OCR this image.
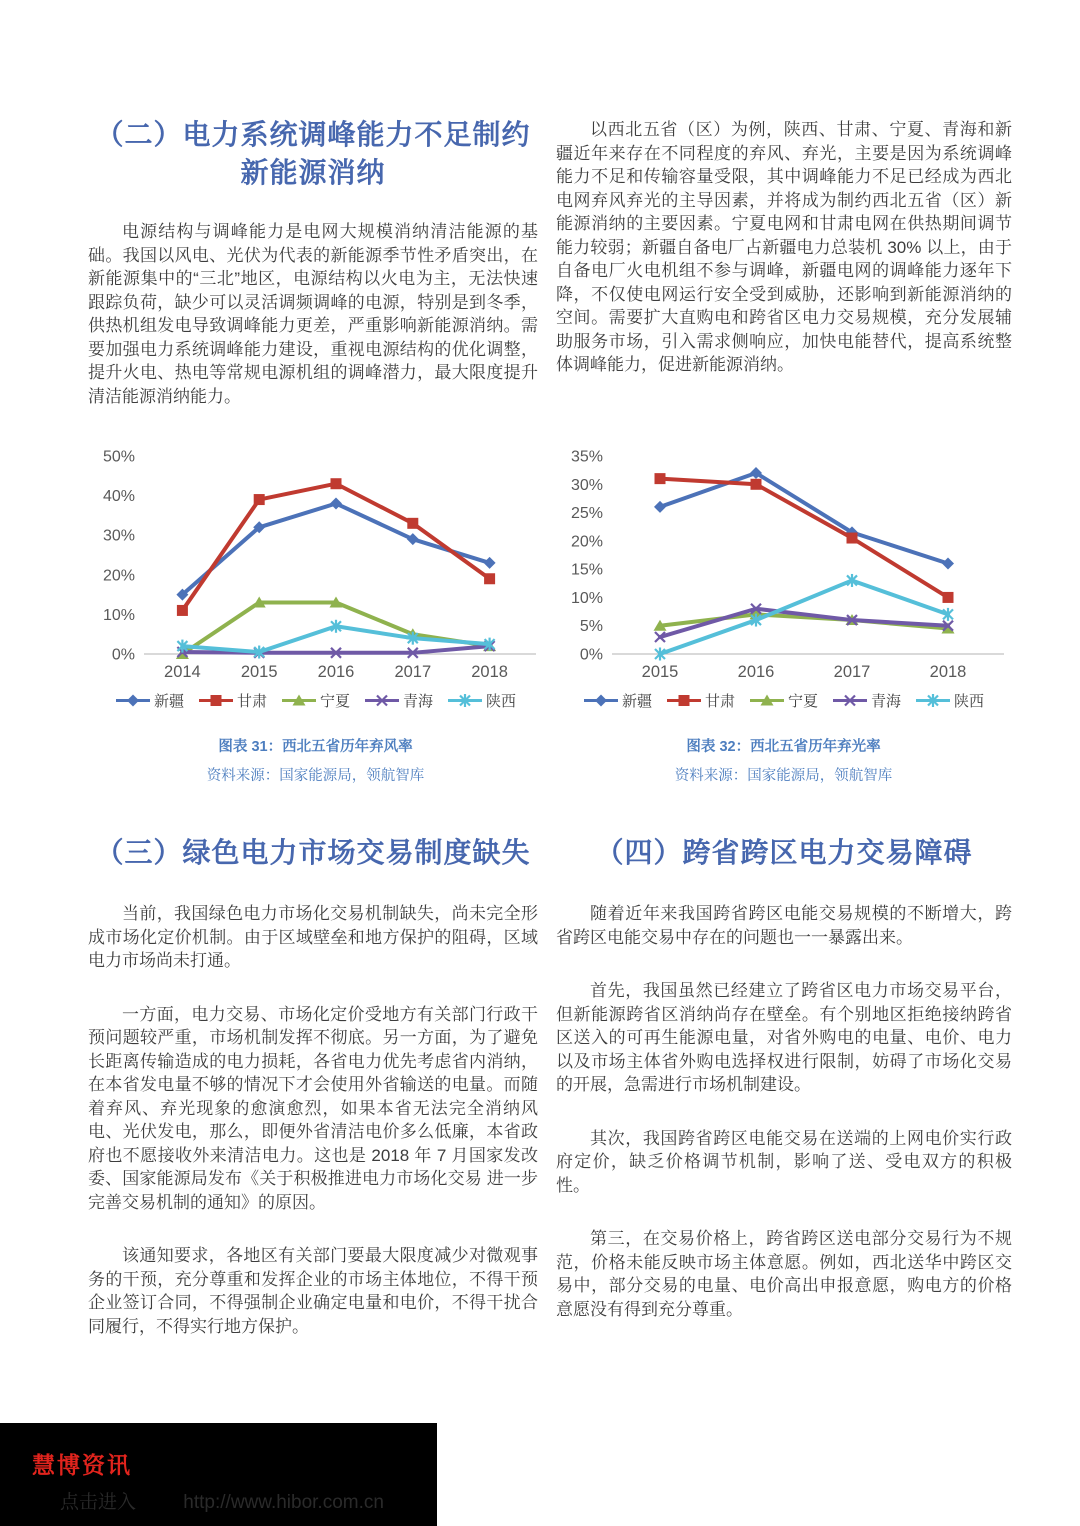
（二）电力系统调峰能力不足制约新能源消纳

电源结构与调峰能力是电网大规模消纳清洁能源的基础。我国以风电、光伏为代表的新能源季节性矛盾突出，在新能源集中的“三北”地区，电源结构以火电为主，无法快速跟踪负荷，缺少可以灵活调频调峰的电源，特别是到冬季，供热机组发电导致调峰能力更差，严重影响新能源消纳。需要加强电力系统调峰能力建设，重视电源结构的优化调整，提升火电、热电等常规电源机组的调峰潜力，最大限度提升清洁能源消纳能力。

以西北五省（区）为例，陕西、甘肃、宁夏、青海和新疆近年来存在不同程度的弃风、弃光，主要是因为系统调峰能力不足和传输容量受限，其中调峰能力不足已经成为西北电网弃风弃光的主导因素，并将成为制约西北五省（区）新能源消纳的主要因素。宁夏电网和甘肃电网在供热期间调节能力较弱；新疆自备电厂占新疆电力总装机 30% 以上，由于自备电厂火电机组不参与调峰，新疆电网的调峰能力逐年下降，不仅使电网运行安全受到威胁，还影响到新能源消纳的空间。需要扩大直购电和跨省区电力交易规模，充分发展辅助服务市场，引入需求侧响应，加快电能替代，提高系统整体调峰能力，促进新能源消纳。

0%
10%
20%
30%
40%
50%
2014 2015 2016 2017 2018
新疆	甘肃	宁夏	青海	陕西
图表 31：西北五省历年弃风率
资料来源：国家能源局，领航智库
0%
5%
10%
15%
20%
25%
30%
35%
2015	2016	2017	2018
新疆	甘肃	宁夏	青海	陕西
图表 32：西北五省历年弃光率
资料来源：国家能源局，领航智库
（三）绿色电力市场交易制度缺失

当前，我国绿色电力市场化交易机制缺失，尚未完全形成市场化定价机制。由于区域壁垒和地方保护的阻碍，区域电力市场尚未打通。

一方面，电力交易、市场化定价受地方有关部门行政干预问题较严重，市场机制发挥不彻底。另一方面，为了避免长距离传输造成的电力损耗，各省电力优先考虑省内消纳，在本省发电量不够的情况下才会使用外省输送的电量。而随着弃风、弃光现象的愈演愈烈，如果本省无法完全消纳风电、光伏发电，那么，即便外省清洁电价多么低廉，本省政府也不愿接收外来清洁电力。这也是 2018 年 7 月国家发改委、国家能源局发布《关于积极推进电力市场化交易 进一步完善交易机制的通知》的原因。

该通知要求，各地区有关部门要最大限度减少对微观事务的干预，充分尊重和发挥企业的市场主体地位，不得干预企业签订合同，不得强制企业确定电量和电价，不得干扰合同履行，不得实行地方保护。

（四）跨省跨区电力交易障碍

随着近年来我国跨省跨区电能交易规模的不断增大，跨省跨区电能交易中存在的问题也一一暴露出来。

首先，我国虽然已经建立了跨省区电力市场交易平台，但新能源跨省区消纳尚存在壁垒。有个别地区拒绝接纳跨省区送入的可再生能源电量，对省外购电的电量、电价、电力以及市场主体省外购电选择权进行限制，妨碍了市场化交易的开展，急需进行市场机制建设。

其次，我国跨省跨区电能交易在送端的上网电价实行政府定价，缺乏价格调节机制，影响了送、受电双方的积极性。

第三，在交易价格上，跨省跨区送电部分交易行为不规范，价格未能反映市场主体意愿。例如，西北送华中跨区交易中，部分交易的电量、电价高出申报意愿，购电方的价格意愿没有得到充分尊重。

慧博资讯
点击进入 http://www.hibor.com.cn
